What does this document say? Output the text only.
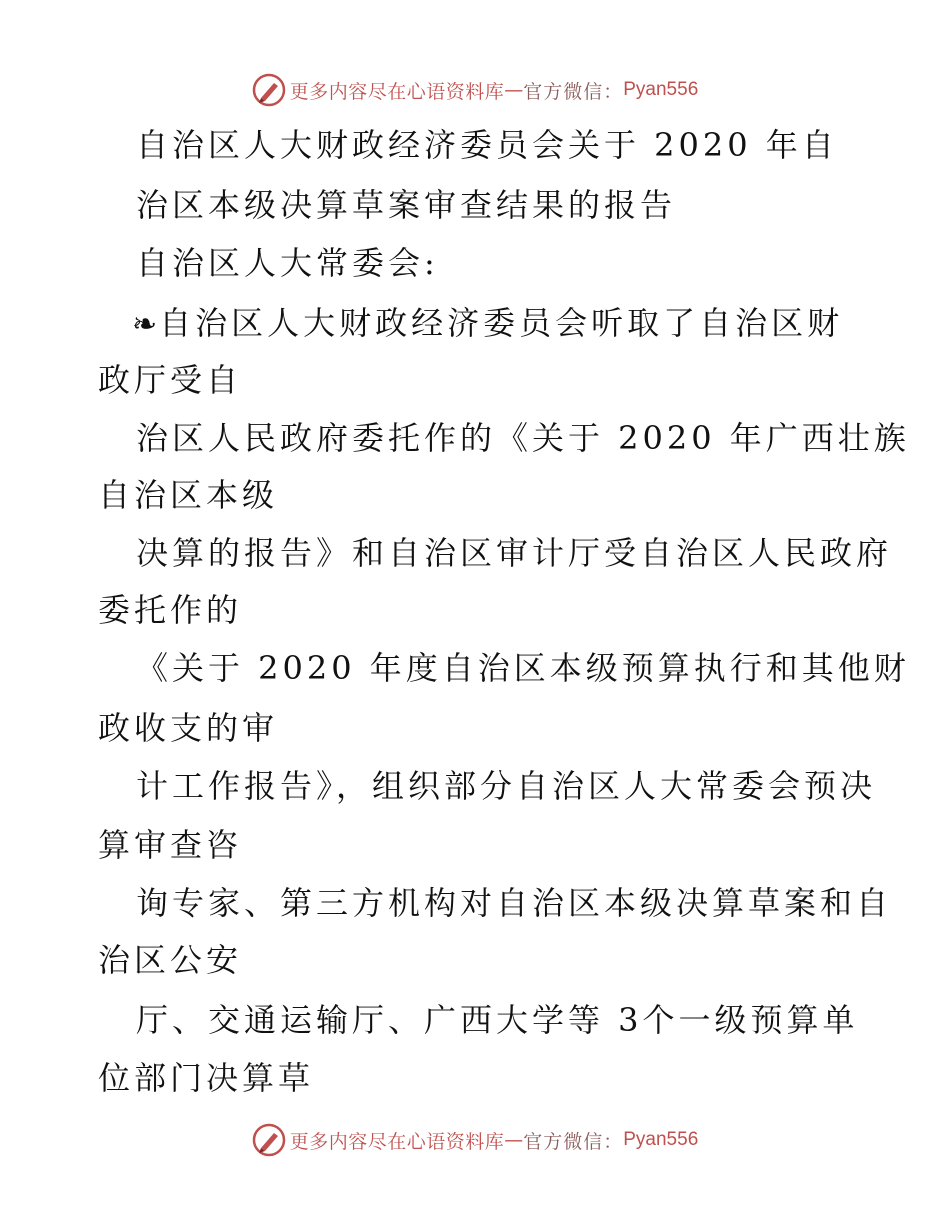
更多内容尽在心语资料库 — 官方微信： Pyan556
自治区人大财政经济委员会关于 2020 年自
治区本级决算草案审查结果的报告
自治区人大常委会:
❧自治区人大财政经济委员会听取了自治区财
政厅受自
治区人民政府委托作的《关于 2020 年广西壮族
自治区本级
决算的报告》和自治区审计厅受自治区人民政府
委托作的
《关于 2020 年度自治区本级预算执行和其他财
政收支的审
计工作报告》，组织部分自治区人大常委会预决
算审查咨
询专家、第三方机构对自治区本级决算草案和自
治区公安
厅、交通运输厅、广西大学等 3个一级预算单
位部门决算草
更多内容尽在心语资料库 — 官方微信： Pyan556
